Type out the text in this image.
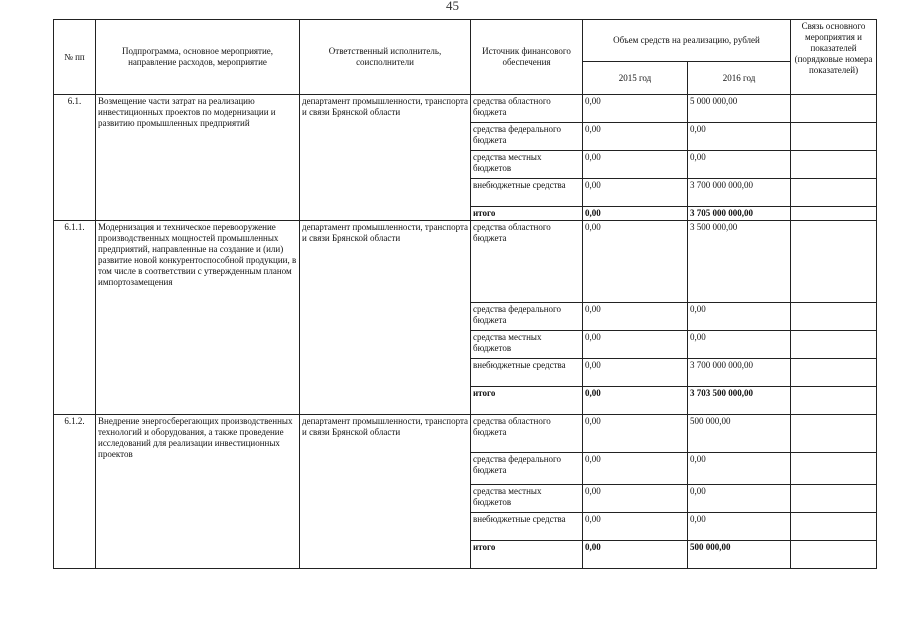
45
№ пп	Подпрограмма, основное мероприятие, направление расходов, мероприятие	Ответственный исполнитель, соисполнители	Источник финансового обеспечения	Объем средств на реализацию, рублей		Связь основного мероприятия и показателей (порядковые номера показателей)
				2015 год	2016 год	
6.1.	Возмещение части затрат на реализацию инвестиционных проектов по модернизации и развитию промышленных предприятий	департамент промышленности, транспорта и связи Брянской области	средства областного бюджета	0,00	5 000 000,00	
			средства федерального бюджета	0,00	0,00	
			средства местных бюджетов	0,00	0,00	
			внебюджетные средства	0,00	3 700 000 000,00	
			итого	0,00	3 705 000 000,00	
6.1.1.	Модернизация и техническое перевооружение производственных мощностей промышленных предприятий, направленные на создание и (или) развитие новой конкурентоспособной продукции, в том числе в соответствии с утвержденным планом импортозамещения	департамент промышленности, транспорта и связи Брянской области	средства областного бюджета	0,00	3 500 000,00	
			средства федерального бюджета	0,00	0,00	
			средства местных бюджетов	0,00	0,00	
			внебюджетные средства	0,00	3 700 000 000,00	
			итого	0,00	3 703 500 000,00	
6.1.2.	Внедрение энергосберегающих производственных технологий и оборудования, а также проведение исследований для реализации инвестиционных проектов	департамент промышленности, транспорта и связи Брянской области	средства областного бюджета	0,00	500 000,00	
			средства федерального бюджета	0,00	0,00	
			средства местных бюджетов	0,00	0,00	
			внебюджетные средства	0,00	0,00	
			итого	0,00	500 000,00	
